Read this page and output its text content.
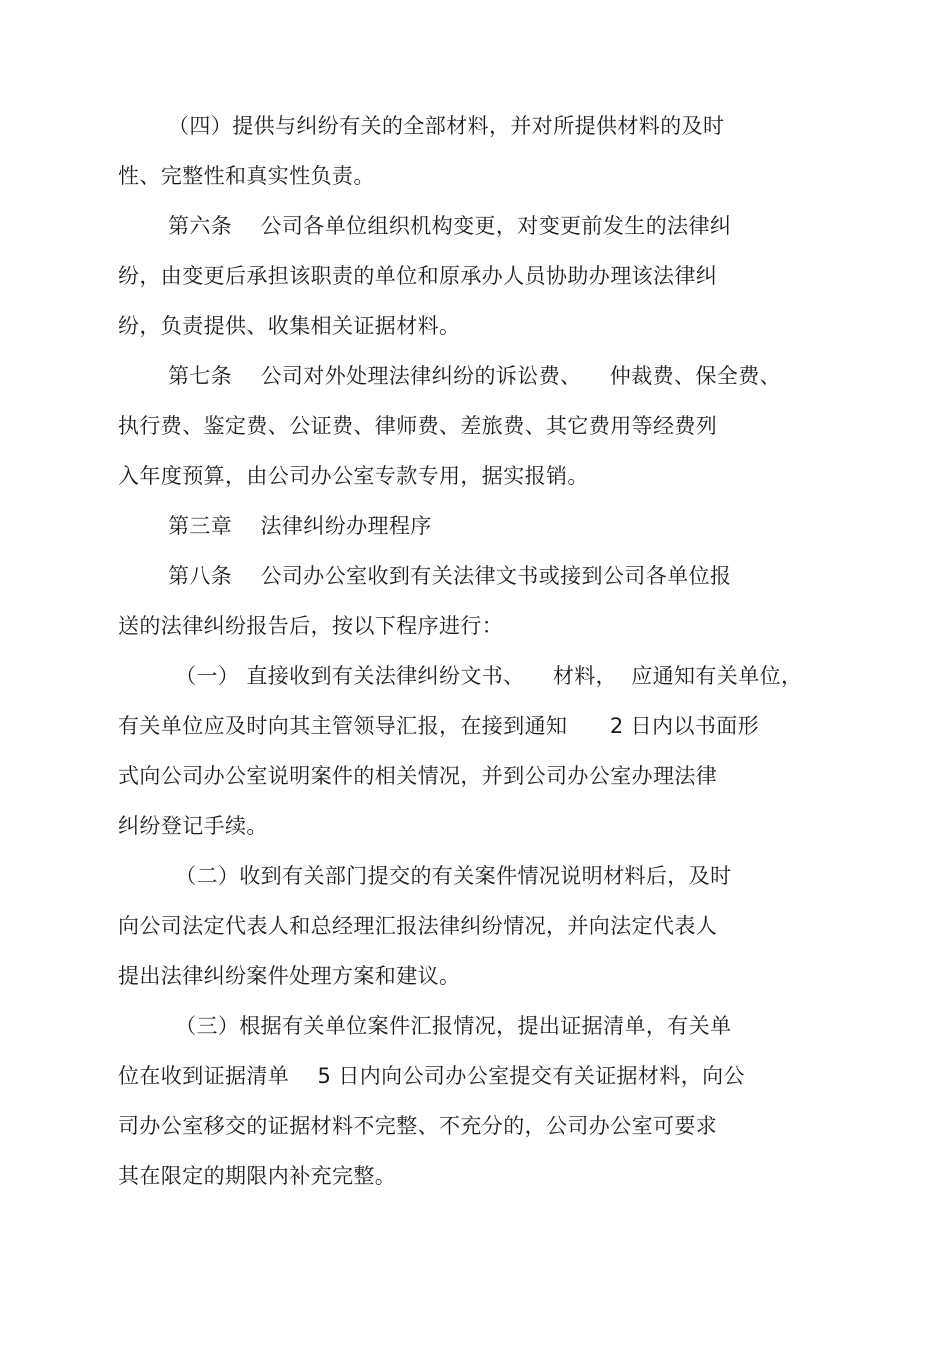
（四）提供与纠纷有关的全部材料，并对所提供材料的及时
性、完整性和真实性负责。
第六条    公司各单位组织机构变更，对变更前发生的法律纠
纷，由变更后承担该职责的单位和原承办人员协助办理该法律纠
纷，负责提供、收集相关证据材料。
第七条    公司对外处理法律纠纷的诉讼费、    仲裁费、保全费、
执行费、鉴定费、公证费、律师费、差旅费、其它费用等经费列
入年度预算，由公司办公室专款专用，据实报销。
第三章    法律纠纷办理程序
第八条    公司办公室收到有关法律文书或接到公司各单位报
送的法律纠纷报告后，按以下程序进行：
（一） 直接收到有关法律纠纷文书、    材料，  应通知有关单位，
有关单位应及时向其主管领导汇报，在接到通知      2 日内以书面形
式向公司办公室说明案件的相关情况，并到公司办公室办理法律
纠纷登记手续。
（二）收到有关部门提交的有关案件情况说明材料后，及时
向公司法定代表人和总经理汇报法律纠纷情况，并向法定代表人
提出法律纠纷案件处理方案和建议。
（三）根据有关单位案件汇报情况，提出证据清单，有关单
位在收到证据清单    5 日内向公司办公室提交有关证据材料，向公
司办公室移交的证据材料不完整、不充分的，公司办公室可要求
其在限定的期限内补充完整。
